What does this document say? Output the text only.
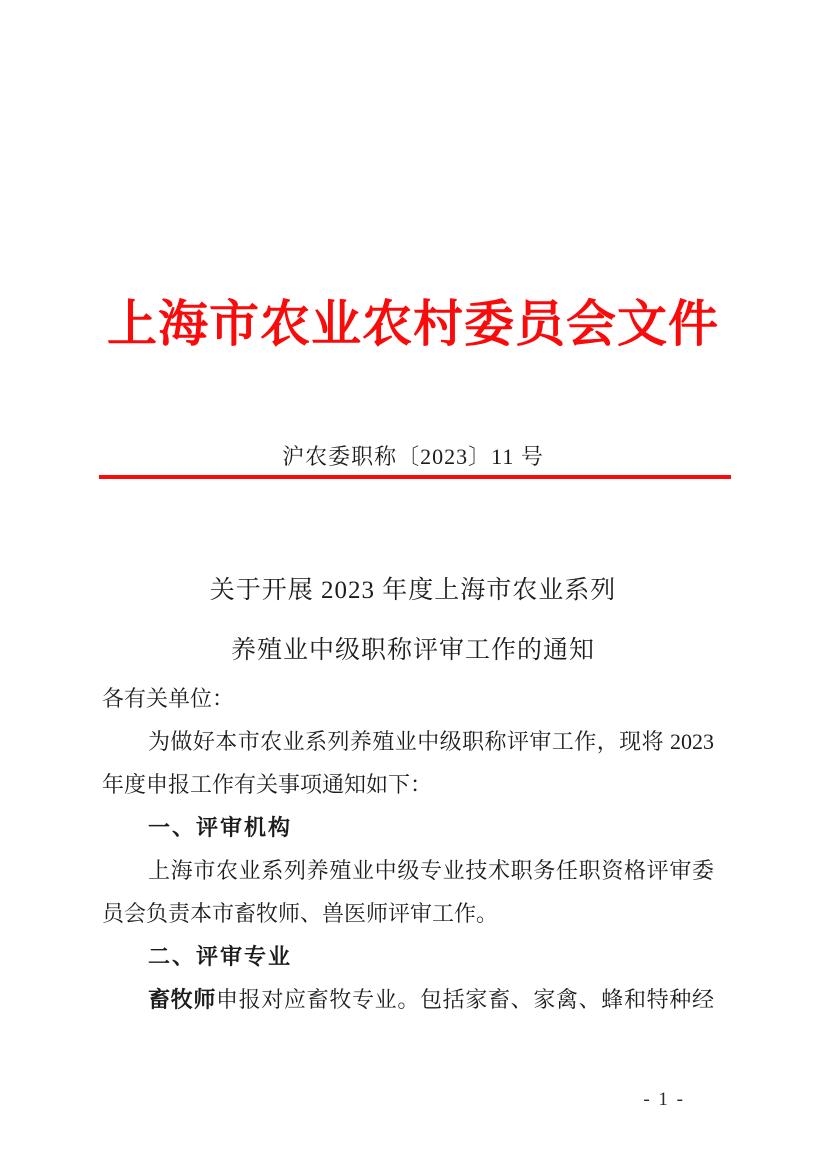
上海市农业农村委员会文件
沪农委职称〔2023〕11 号
关于开展 2023 年度上海市农业系列
养殖业中级职称评审工作的通知
各有关单位：
为做好本市农业系列养殖业中级职称评审工作，现将 2023
年度申报工作有关事项通知如下：
一、评审机构
上海市农业系列养殖业中级专业技术职务任职资格评审委
员会负责本市畜牧师、兽医师评审工作。
二、评审专业
畜牧师申报对应畜牧专业。包括家畜、家禽、蜂和特种经
- 1 -
